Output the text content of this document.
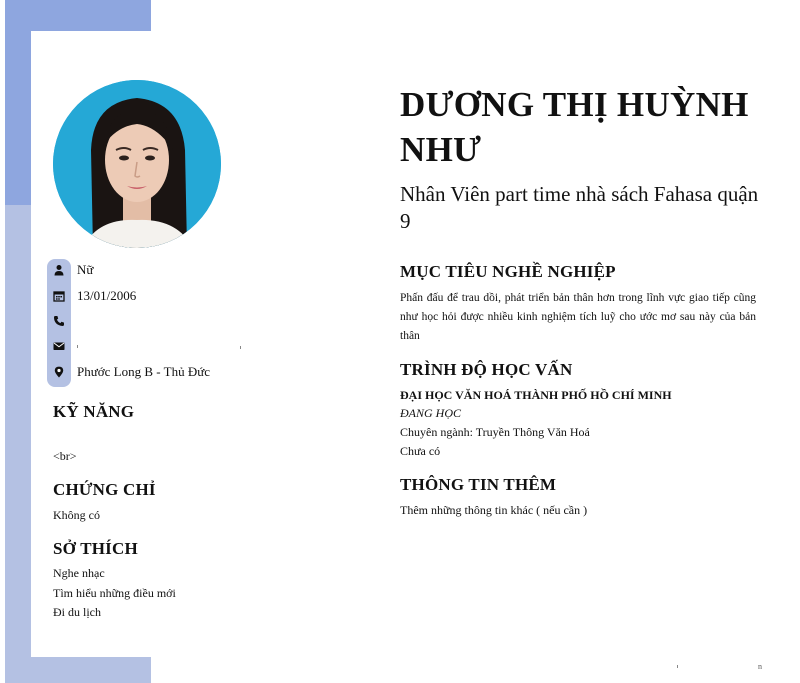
Nữ
13/01/2006
Phước Long B - Thủ Đức
KỸ NĂNG
<br>
CHỨNG CHỈ
Không có
SỞ THÍCH
Nghe nhạc
Tìm hiểu những điều mới
Đi du lịch
DƯƠNG THỊ HUỲNH NHƯ
Nhân Viên part time nhà sách Fahasa quận 9
MỤC TIÊU NGHỀ NGHIỆP
Phấn đấu để trau dồi, phát triển bản thân hơn trong lĩnh vực giao tiếp cũng như học hỏi được nhiều kinh nghiệm tích luỹ cho ước mơ sau này của bản thân
TRÌNH ĐỘ HỌC VẤN
ĐẠI HỌC VĂN HOÁ THÀNH PHỐ HỒ CHÍ MINH
ĐANG HỌC
Chuyên ngành: Truyền Thông Văn Hoá
Chưa có
THÔNG TIN THÊM
Thêm những thông tin khác ( nếu cần )
n
